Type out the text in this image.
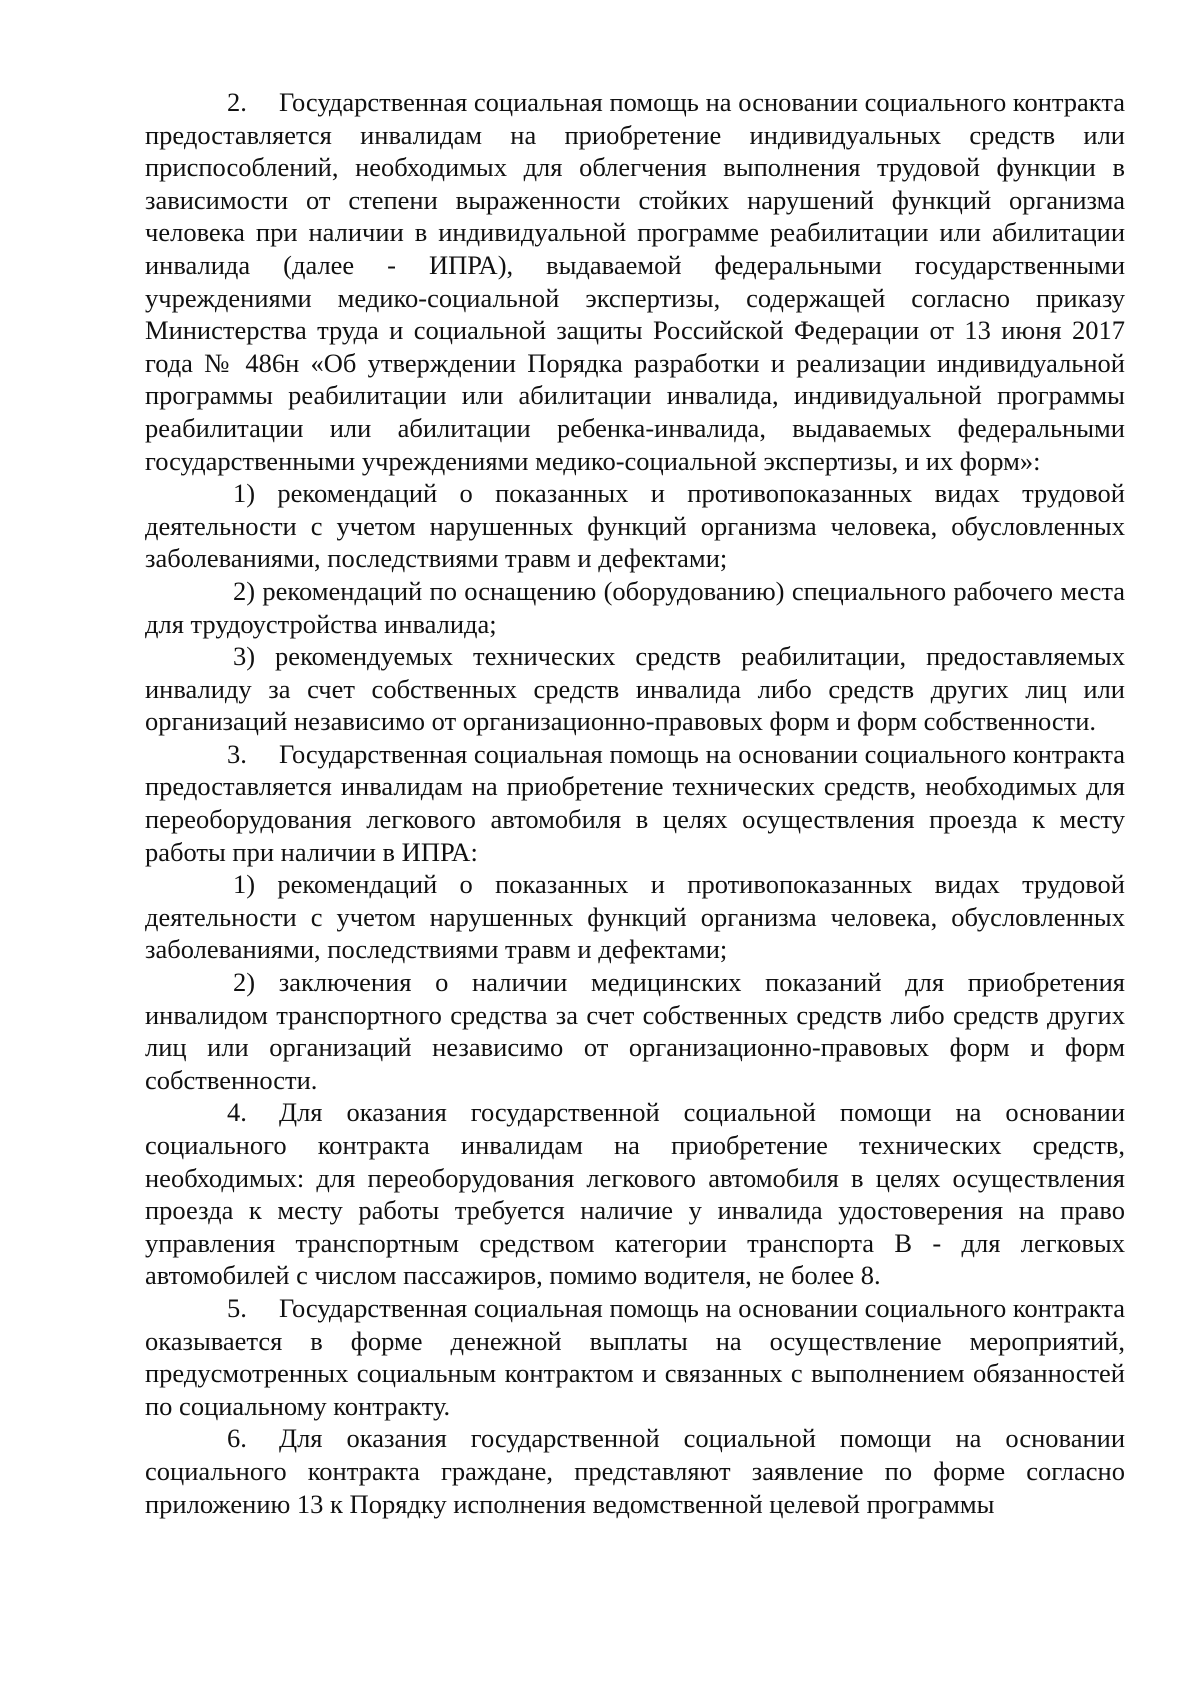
2. Государственная социальная помощь на основании социального контракта предоставляется инвалидам на приобретение индивидуальных средств или приспособлений, необходимых для облегчения выполнения трудовой функции в зависимости от степени выраженности стойких нарушений функций организма человека при наличии в индивидуальной программе реабилитации или абилитации инвалида (далее - ИПРА), выдаваемой федеральными государственными учреждениями медико-социальной экспертизы, содержащей согласно приказу Министерства труда и социальной защиты Российской Федерации от 13 июня 2017 года № 486н «Об утверждении Порядка разработки и реализации индивидуальной программы реабилитации или абилитации инвалида, индивидуальной программы реабилитации или абилитации ребенка-инвалида, выдаваемых федеральными государственными учреждениями медико-социальной экспертизы, и их форм»:

1) рекомендаций о показанных и противопоказанных видах трудовой деятельности с учетом нарушенных функций организма человека, обусловленных заболеваниями, последствиями травм и дефектами;

2) рекомендаций по оснащению (оборудованию) специального рабочего места для трудоустройства инвалида;

3) рекомендуемых технических средств реабилитации, предоставляемых инвалиду за счет собственных средств инвалида либо средств других лиц или организаций независимо от организационно-правовых форм и форм собственности.

3. Государственная социальная помощь на основании социального контракта предоставляется инвалидам на приобретение технических средств, необходимых для переоборудования легкового автомобиля в целях осуществления проезда к месту работы при наличии в ИПРА:

1) рекомендаций о показанных и противопоказанных видах трудовой деятельности с учетом нарушенных функций организма человека, обусловленных заболеваниями, последствиями травм и дефектами;

2) заключения о наличии медицинских показаний для приобретения инвалидом транспортного средства за счет собственных средств либо средств других лиц или организаций независимо от организационно-правовых форм и форм собственности.

4. Для оказания государственной социальной помощи на основании социального контракта инвалидам на приобретение технических средств, необходимых: для переоборудования легкового автомобиля в целях осуществления проезда к месту работы требуется наличие у инвалида удостоверения на право управления транспортным средством категории транспорта В - для легковых автомобилей с числом пассажиров, помимо водителя, не более 8.

5. Государственная социальная помощь на основании социального контракта оказывается в форме денежной выплаты на осуществление мероприятий, предусмотренных социальным контрактом и связанных с выполнением обязанностей по социальному контракту.

6. Для оказания государственной социальной помощи на основании социального контракта граждане, представляют заявление по форме согласно приложению 13 к Порядку исполнения ведомственной целевой программы
